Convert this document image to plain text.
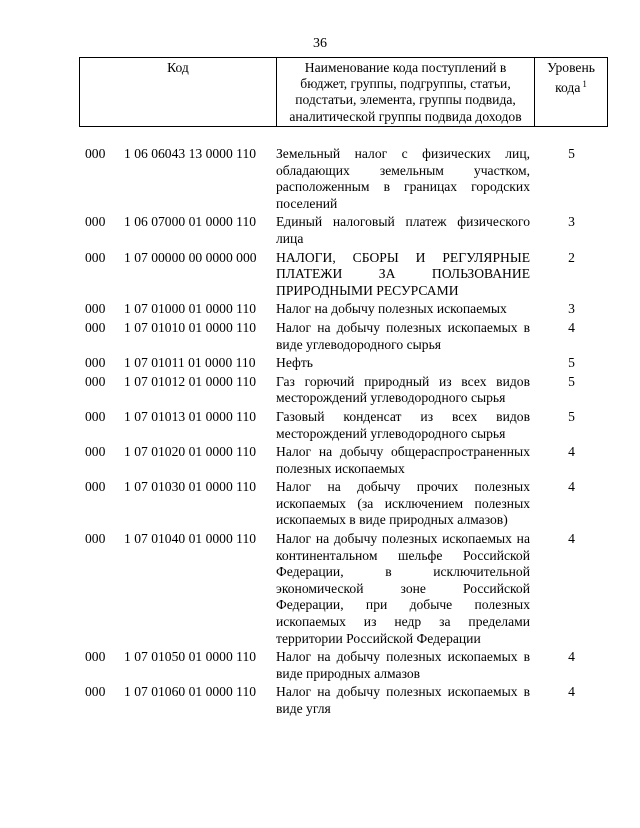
36
Код	Наименование кода поступлений в бюджет, группы, подгруппы, статьи, подстатьи, элемента, группы подвида, аналитической группы подвида доходов	Уровень кода $^1$
000	1 06 06043 13 0000 110	Земельный налог с физических лиц, обладающих земельным участком, расположенным в границах городских поселений	5
000	1 06 07000 01 0000 110	Единый налоговый платеж физического лица	3
000	1 07 00000 00 0000 000	НАЛОГИ, СБОРЫ И РЕГУЛЯРНЫЕ ПЛАТЕЖИ ЗА ПОЛЬЗОВАНИЕ ПРИРОДНЫМИ РЕСУРСАМИ	2
000	1 07 01000 01 0000 110	Налог на добычу полезных ископаемых	3
000	1 07 01010 01 0000 110	Налог на добычу полезных ископаемых в виде углеводородного сырья	4
000	1 07 01011 01 0000 110	Нефть	5
000	1 07 01012 01 0000 110	Газ горючий природный из всех видов месторождений углеводородного сырья	5
000	1 07 01013 01 0000 110	Газовый конденсат из всех видов месторождений углеводородного сырья	5
000	1 07 01020 01 0000 110	Налог на добычу общераспространенных полезных ископаемых	4
000	1 07 01030 01 0000 110	Налог на добычу прочих полезных ископаемых (за исключением полезных ископаемых в виде природных алмазов)	4
000	1 07 01040 01 0000 110	Налог на добычу полезных ископаемых на континентальном шельфе Российской Федерации, в исключительной экономической зоне Российской Федерации, при добыче полезных ископаемых из недр за пределами территории Российской Федерации	4
000	1 07 01050 01 0000 110	Налог на добычу полезных ископаемых в виде природных алмазов	4
000	1 07 01060 01 0000 110	Налог на добычу полезных ископаемых в виде угля	4
